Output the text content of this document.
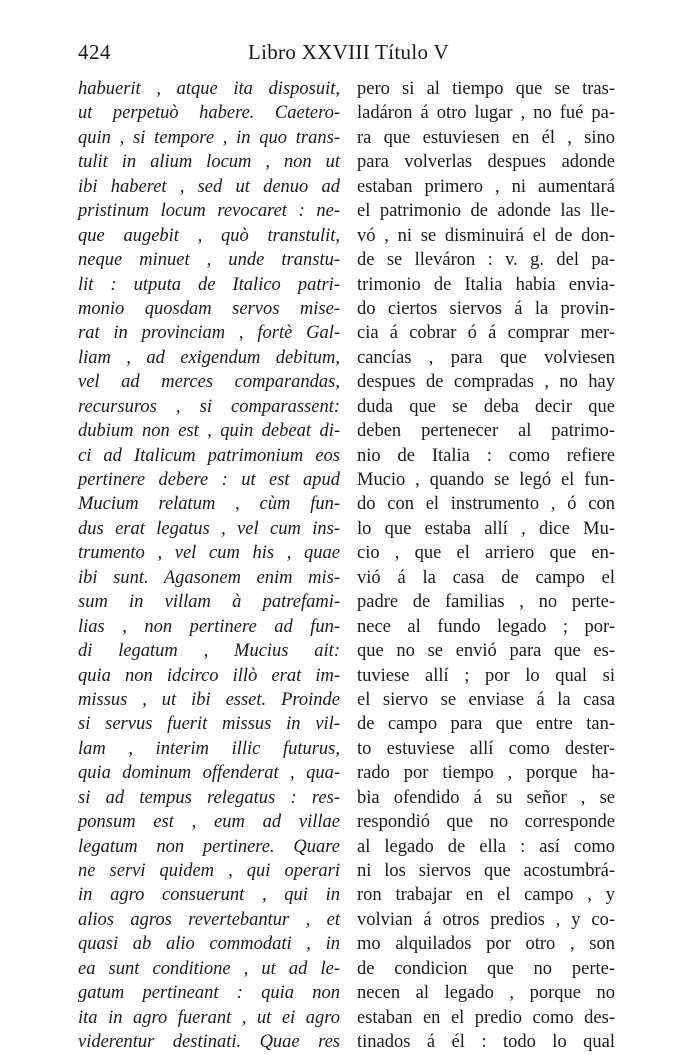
424	Libro XXVIII Título V
habuerit , atque ita disposuit,
ut perpetuò habere. Caetero-
quin , si tempore , in quo trans-
tulit in alium locum , non ut
ibi haberet , sed ut denuo ad
pristinum locum revocaret : ne-
que augebit , quò transtulit,
neque minuet , unde transtu-
lit : utputa de Italico patri-
monio quosdam servos mise-
rat in provinciam , fortè Gal-
liam , ad exigendum debitum,
vel ad merces comparandas,
recursuros , si comparassent:
dubium non est , quin debeat di-
ci ad Italicum patrimonium eos
pertinere debere : ut est apud
Mucium relatum , cùm fun-
dus erat legatus , vel cum ins-
trumento , vel cum his , quae
ibi sunt. Agasonem enim mis-
sum in villam à patrefami-
lias , non pertinere ad fun-
di legatum , Mucius ait:
quia non idcirco illò erat im-
missus , ut ibi esset. Proinde
si servus fuerit missus in vil-
lam , interim illic futurus,
quia dominum offenderat , qua-
si ad tempus relegatus : res-
ponsum est , eum ad villae
legatum non pertinere. Quare
ne servi quidem , qui operari
in agro consuerunt , qui in
alios agros revertebantur , et
quasi ab alio commodati , in
ea sunt conditione , ut ad le-
gatum pertineant : quia non
ita in agro fuerant , ut ei agro
viderentur destinati. Quae res
pero si al tiempo que se tras-
ladáron á otro lugar , no fué pa-
ra que estuviesen en él , sino
para volverlas despues adonde
estaban primero , ni aumentará
el patrimonio de adonde las lle-
vó , ni se disminuirá el de don-
de se lleváron : v. g. del pa-
trimonio de Italia habia envia-
do ciertos siervos á la provin-
cia á cobrar ó á comprar mer-
cancías , para que volviesen
despues de compradas , no hay
duda que se deba decir que
deben pertenecer al patrimo-
nio de Italia : como refiere
Mucio , quando se legó el fun-
do con el instrumento , ó con
lo que estaba allí , dice Mu-
cio , que el arriero que en-
vió á la casa de campo el
padre de familias , no perte-
nece al fundo legado ; por-
que no se envió para que es-
tuviese allí ; por lo qual si
el siervo se enviase á la casa
de campo para que entre tan-
to estuviese allí como dester-
rado por tiempo , porque ha-
bia ofendido á su señor , se
respondió que no corresponde
al legado de ella : así como
ni los siervos que acostumbrá-
ron trabajar en el campo , y
volvian á otros predios , y co-
mo alquilados por otro , son
de condicion que no perte-
necen al legado , porque no
estaban en el predio como des-
tinados á él : todo lo qual
